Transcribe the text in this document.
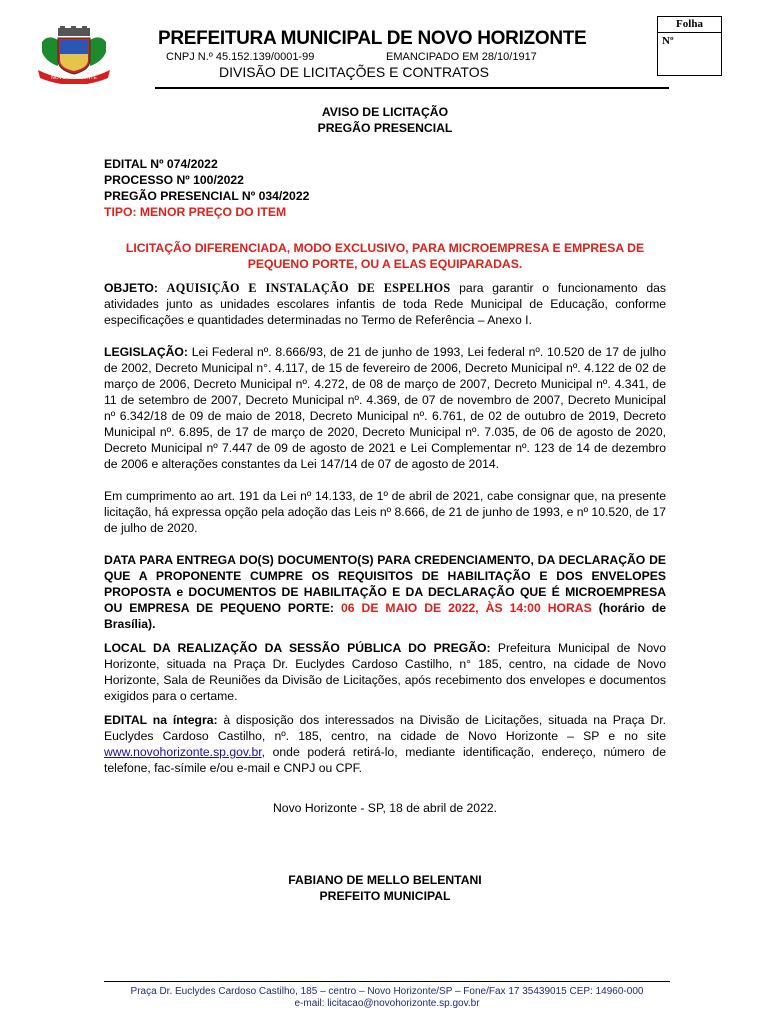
NOVO HORIZONTE
PREFEITURA MUNICIPAL DE NOVO HORIZONTE
CNPJ N.º 45.152.139/0001-99	EMANCIPADO EM 28/10/1917
DIVISÃO DE LICITAÇÕES E CONTRATOS
Folha
Nº

AVISO DE LICITAÇÃO

PREGÃO PRESENCIAL

EDITAL Nº 074/2022

PROCESSO Nº 100/2022

PREGÃO PRESENCIAL Nº 034/2022

TIPO: MENOR PREÇO DO ITEM

LICITAÇÃO DIFERENCIADA, MODO EXCLUSIVO, PARA MICROEMPRESA E EMPRESA DE PEQUENO PORTE, OU A ELAS EQUIPARADAS.

OBJETO: AQUISIÇÃO E INSTALAÇÃO DE ESPELHOS para garantir o funcionamento das atividades junto as unidades escolares infantis de toda Rede Municipal de Educação, conforme especificações e quantidades determinadas no Termo de Referência – Anexo I.

LEGISLAÇÃO: Lei Federal nº. 8.666/93, de 21 de junho de 1993, Lei federal nº. 10.520 de 17 de julho de 2002, Decreto Municipal n°. 4.117, de 15 de fevereiro de 2006, Decreto Municipal nº. 4.122 de 02 de março de 2006, Decreto Municipal nº. 4.272, de 08 de março de 2007, Decreto Municipal nº. 4.341, de 11 de setembro de 2007, Decreto Municipal nº. 4.369, de 07 de novembro de 2007, Decreto Municipal nº 6.342/18 de 09 de maio de 2018, Decreto Municipal nº. 6.761, de 02 de outubro de 2019, Decreto Municipal nº. 6.895, de 17 de março de 2020, Decreto Municipal nº. 7.035, de 06 de agosto de 2020, Decreto Municipal nº 7.447 de 09 de agosto de 2021 e Lei Complementar nº. 123 de 14 de dezembro de 2006 e alterações constantes da Lei 147/14 de 07 de agosto de 2014.

Em cumprimento ao art. 191 da Lei nº 14.133, de 1º de abril de 2021, cabe consignar que, na presente licitação, há expressa opção pela adoção das Leis nº 8.666, de 21 de junho de 1993, e nº 10.520, de 17 de julho de 2020.

DATA PARA ENTREGA DO(S) DOCUMENTO(S) PARA CREDENCIAMENTO, DA DECLARAÇÃO DE QUE A PROPONENTE CUMPRE OS REQUISITOS DE HABILITAÇÃO E DOS ENVELOPES PROPOSTA e DOCUMENTOS DE HABILITAÇÃO E DA DECLARAÇÃO QUE É MICROEMPRESA OU EMPRESA DE PEQUENO PORTE: 06 DE MAIO DE 2022, ÀS 14:00 HORAS (horário de Brasília).

LOCAL DA REALIZAÇÃO DA SESSÃO PÚBLICA DO PREGÃO: Prefeitura Municipal de Novo Horizonte, situada na Praça Dr. Euclydes Cardoso Castilho, n° 185, centro, na cidade de Novo Horizonte, Sala de Reuniões da Divisão de Licitações, após recebimento dos envelopes e documentos exigidos para o certame.

EDITAL na íntegra: à disposição dos interessados na Divisão de Licitações, situada na Praça Dr. Euclydes Cardoso Castilho, nº. 185, centro, na cidade de Novo Horizonte – SP e no site www.novohorizonte.sp.gov.br, onde poderá retirá-lo, mediante identificação, endereço, número de telefone, fac-símile e/ou e-mail e CNPJ ou CPF.

Novo Horizonte - SP, 18 de abril de 2022.

FABIANO DE MELLO BELENTANI

PREFEITO MUNICIPAL

Praça Dr. Euclydes Cardoso Castilho, 185 – centro – Novo Horizonte/SP – Fone/Fax 17 35439015 CEP: 14960-000
e-mail: licitacao@novohorizonte.sp.gov.br
